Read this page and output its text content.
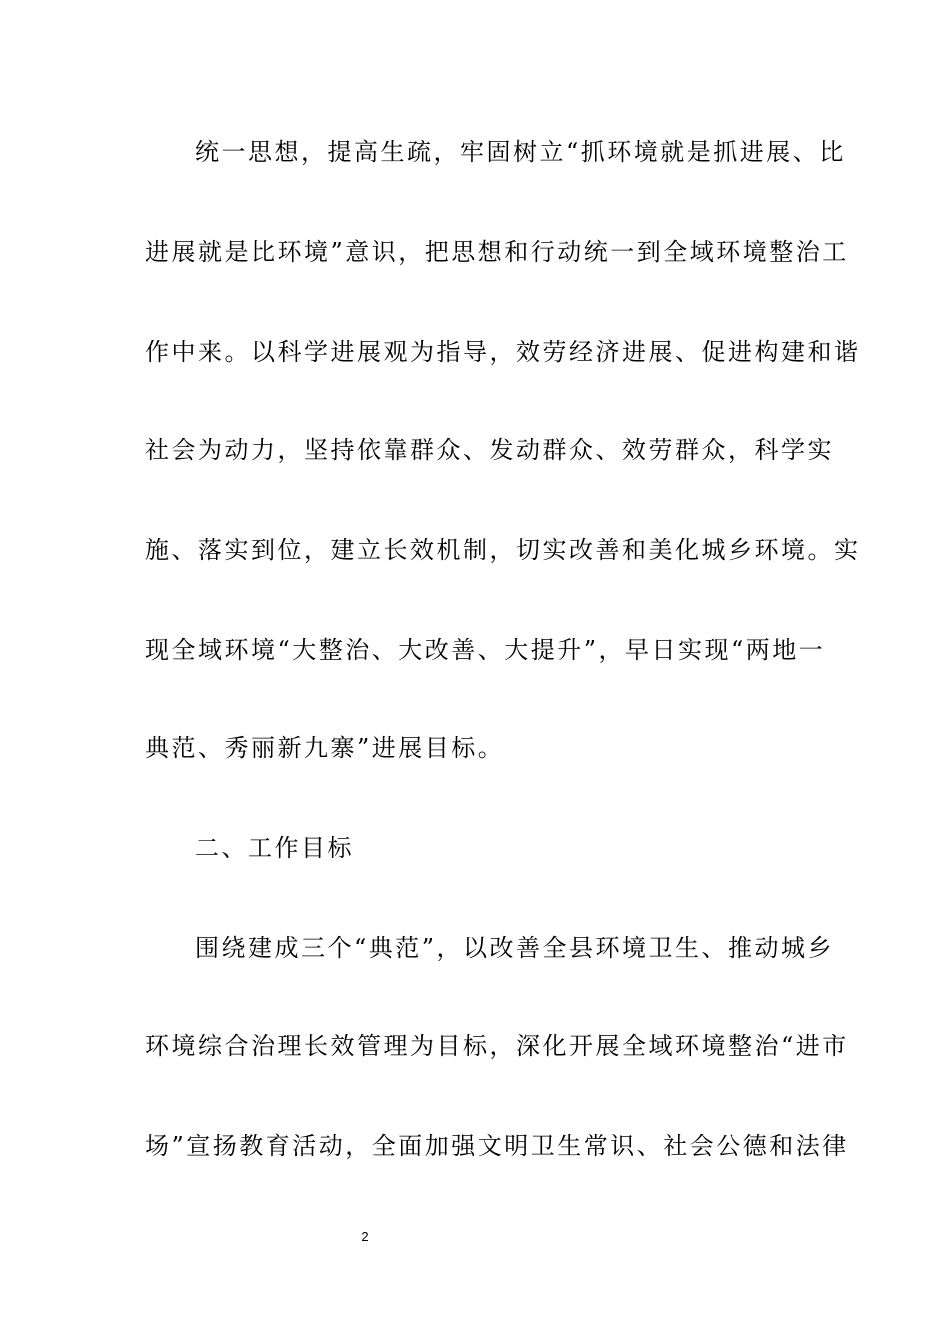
统一思想，提高生疏，牢固树立“抓环境就是抓进展、比
进展就是比环境”意识，把思想和行动统一到全域环境整治工
作中来。以科学进展观为指导，效劳经济进展、促进构建和谐
社会为动力，坚持依靠群众、发动群众、效劳群众，科学实
施、落实到位，建立长效机制，切实改善和美化城乡环境。实
现全域环境“大整治、大改善、大提升”，早日实现“两地一
典范、秀丽新九寨”进展目标。
二、工作目标
围绕建成三个“典范”，以改善全县环境卫生、推动城乡
环境综合治理长效管理为目标，深化开展全域环境整治“进市
场”宣扬教育活动，全面加强文明卫生常识、社会公德和法律
2
